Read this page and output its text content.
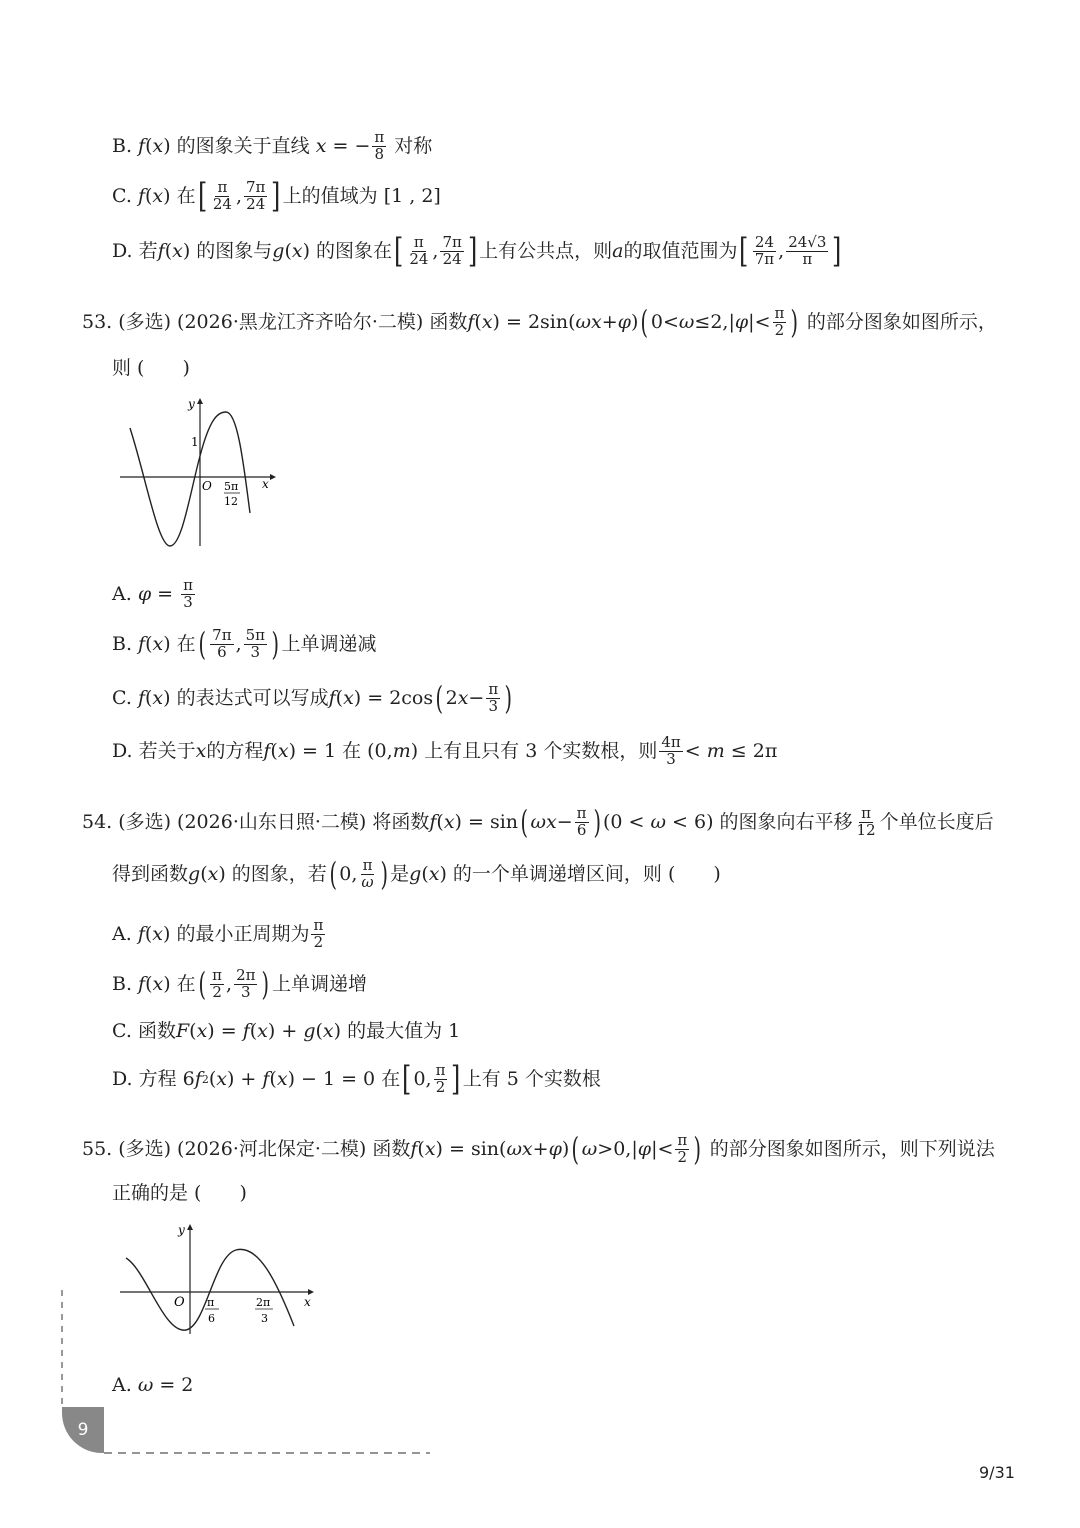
B. f ( x ) 的图象关于直线 x = − π
8 对称
C. f ( x ) 在 [ π
24 , 7π
24 ] 上的值域为 [1 , 2]
D. 若 f ( x ) 的图象与 g ( x ) 的图象在 [ π
24 , 7π
24 ] 上有公共点，则 a 的取值范围为 [ 24
7π , 24√3
π ]
53. (多选) (2026·黑龙江齐齐哈尔·二模) 函数 f ( x ) = 2sin( ωx + φ ) ( 0< ω ≤2,| φ |< π
2 ) 的部分图象如图所示，
则 (　　)
y
x
O
1
5π
12
A. φ = π
3
B. f ( x ) 在 ( 7π
6 , 5π
3 ) 上单调递减
C. f ( x ) 的表达式可以写成 f ( x ) = 2cos ( 2 x − π
3 )
D. 若关于 x 的方程 f ( x ) = 1 在 (0, m ) 上有且只有 3 个实数根，则 4π
3 < m ≤ 2π
54. (多选) (2026·山东日照·二模) 将函数 f ( x ) = sin ( ωx − π
6 ) (0 < ω < 6) 的图象向右平移 π
12 个单位长度后
得到函数 g ( x ) 的图象，若 ( 0, π
ω ) 是 g ( x ) 的一个单调递增区间，则 (　　)
A. f ( x ) 的最小正周期为 π
2
B. f ( x ) 在 ( π
2 , 2π
3 ) 上单调递增
C. 函数 F ( x ) = f ( x ) + g ( x ) 的最大值为 1
D. 方程 6 f 2 ( x ) + f ( x ) − 1 = 0 在 [ 0, π
2 ] 上有 5 个实数根
55. (多选) (2026·河北保定·二模) 函数 f ( x ) = sin( ωx + φ ) ( ω >0,| φ |< π
2 ) 的部分图象如图所示，则下列说法
正确的是 (　　)
y
x
O π
6
2π
3
A. ω = 2
9
9/31
